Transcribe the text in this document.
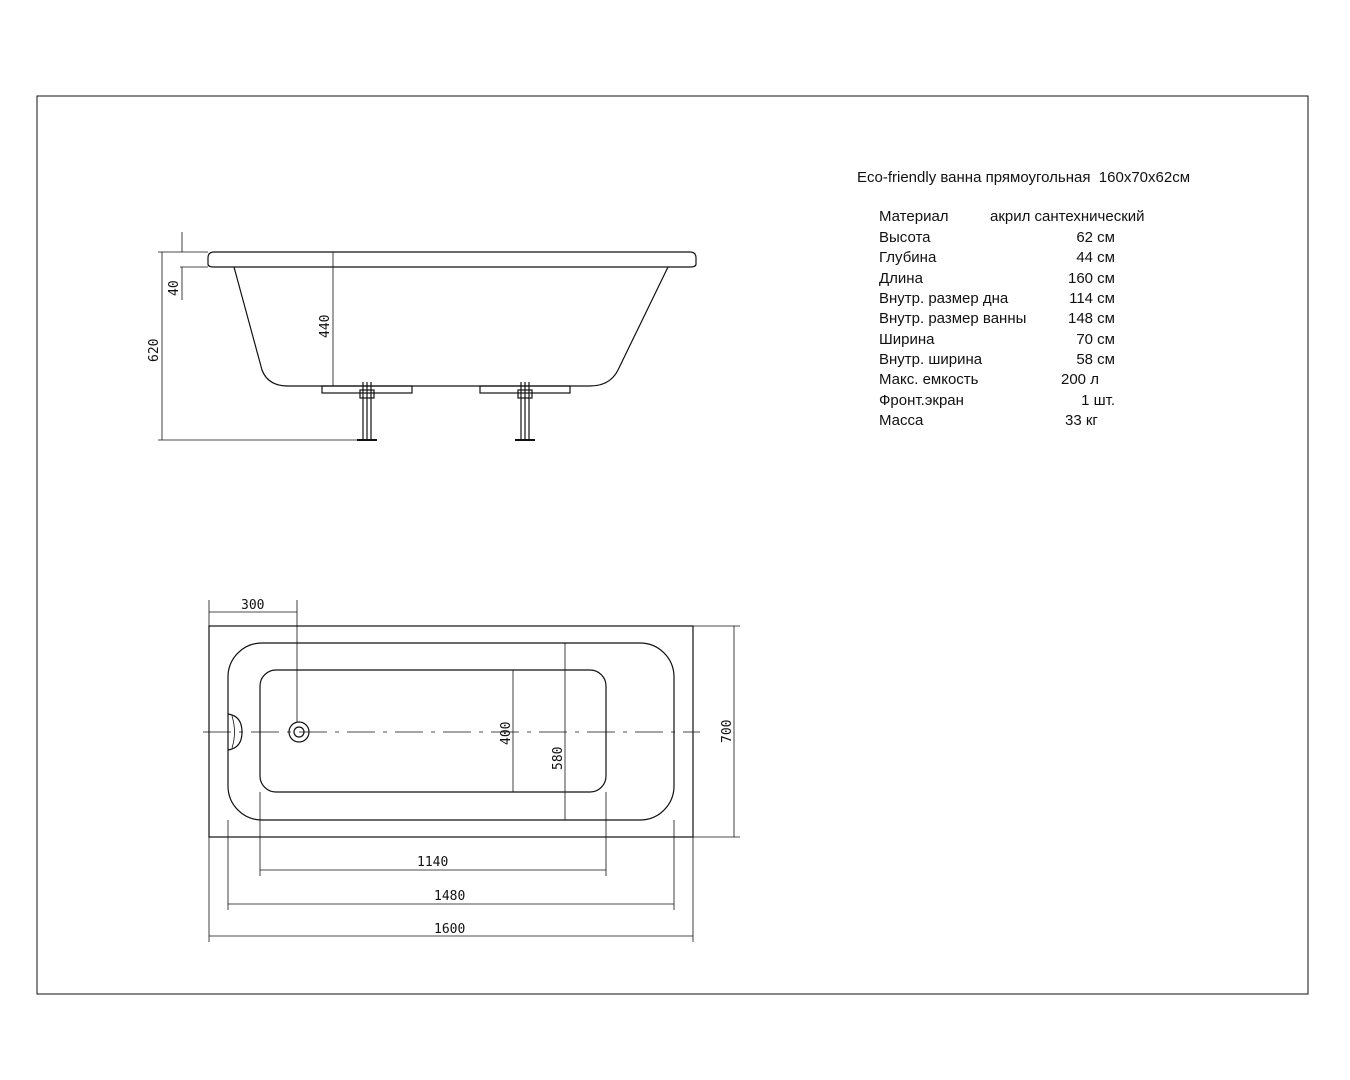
40
620
440
300
400
580
700
1140
1480
1600
Eco-friendly ванна прямоугольная  160x70x62см
Материал	акрил сантехнический
Высота	62 см
Глубина	44 см
Длина	160 см
Внутр. размер дна	114 см
Внутр. размер ванны	148 см
Ширина	70 см
Внутр. ширина	58 см
Макс. емкость	200 л
Фронт.экран	1 шт.
Масса	33 кг
